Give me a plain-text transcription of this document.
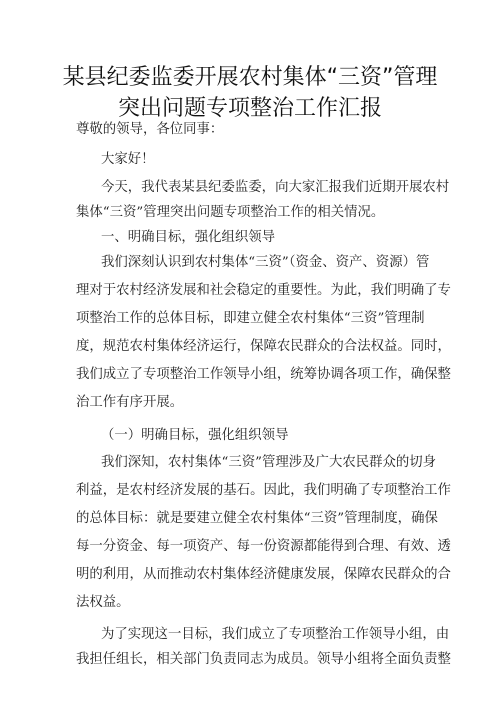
某县纪委监委开展农村集体“三资”管理
突出问题专项整治工作汇报
尊敬的领导，各位同事：
大家好！
今天，我代表某县纪委监委，向大家汇报我们近期开展农村
集体“三资”管理突出问题专项整治工作的相关情况。
一、明确目标，强化组织领导
我们深刻认识到农村集体“三资”（资金、资产、资源）管
理对于农村经济发展和社会稳定的重要性。为此，我们明确了专
项整治工作的总体目标，即建立健全农村集体“三资”管理制
度，规范农村集体经济运行，保障农民群众的合法权益。同时，
我们成立了专项整治工作领导小组，统筹协调各项工作，确保整
治工作有序开展。
（一）明确目标，强化组织领导
我们深知，农村集体“三资”管理涉及广大农民群众的切身
利益，是农村经济发展的基石。因此，我们明确了专项整治工作
的总体目标：就是要建立健全农村集体“三资”管理制度，确保
每一分资金、每一项资产、每一份资源都能得到合理、有效、透
明的利用，从而推动农村集体经济健康发展，保障农民群众的合
法权益。
为了实现这一目标，我们成立了专项整治工作领导小组，由
我担任组长，相关部门负责同志为成员。领导小组将全面负责整
